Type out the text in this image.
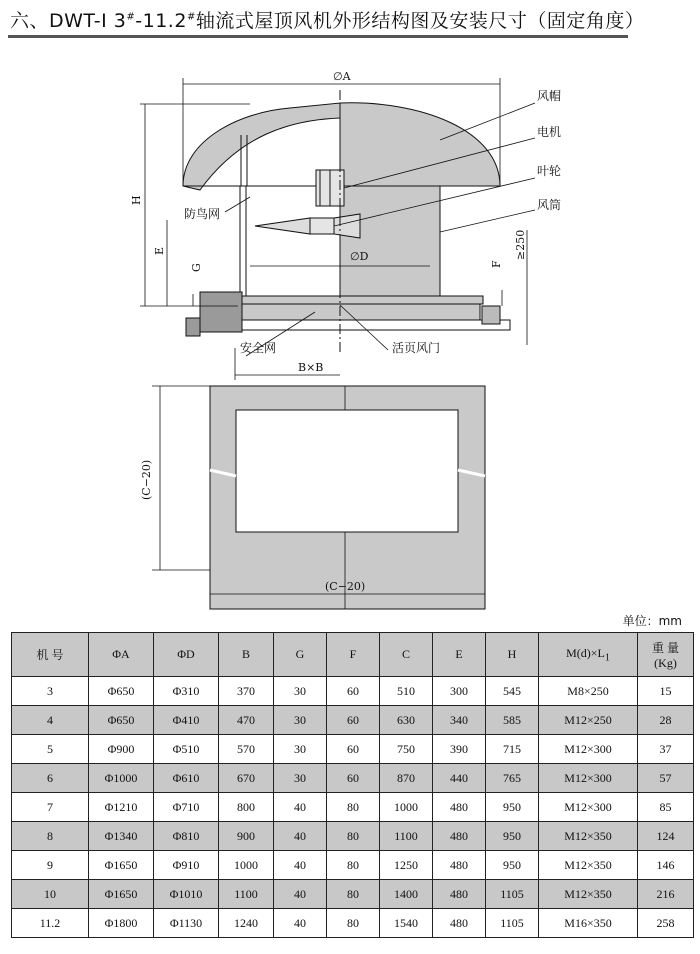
六、DWT-Ⅰ 3#-11.2#轴流式屋顶风机外形结构图及安装尺寸（固定角度）
∅A
∅D
H
E
G	F
≥250
风帽
电机
叶轮
风筒
防鸟网
安全网	活页风门
B×B
(C−20)
(C−20)
单位：mm
机 号	ΦA	ΦD	B	G	F	C	E	H	$M(d)\times L_1$	重 量
(Kg)
3	Φ650	Φ310	370	30	60	510	300	545	M8×250	15
4	Φ650	Φ410	470	30	60	630	340	585	M12×250	28
5	Φ900	Φ510	570	30	60	750	390	715	M12×300	37
6	Φ1000	Φ610	670	30	60	870	440	765	M12×300	57
7	Φ1210	Φ710	800	40	80	1000	480	950	M12×300	85
8	Φ1340	Φ810	900	40	80	1100	480	950	M12×350	124
9	Φ1650	Φ910	1000	40	80	1250	480	950	M12×350	146
10	Φ1650	Φ1010	1100	40	80	1400	480	1105	M12×350	216
11.2	Φ1800	Φ1130	1240	40	80	1540	480	1105	M16×350	258
